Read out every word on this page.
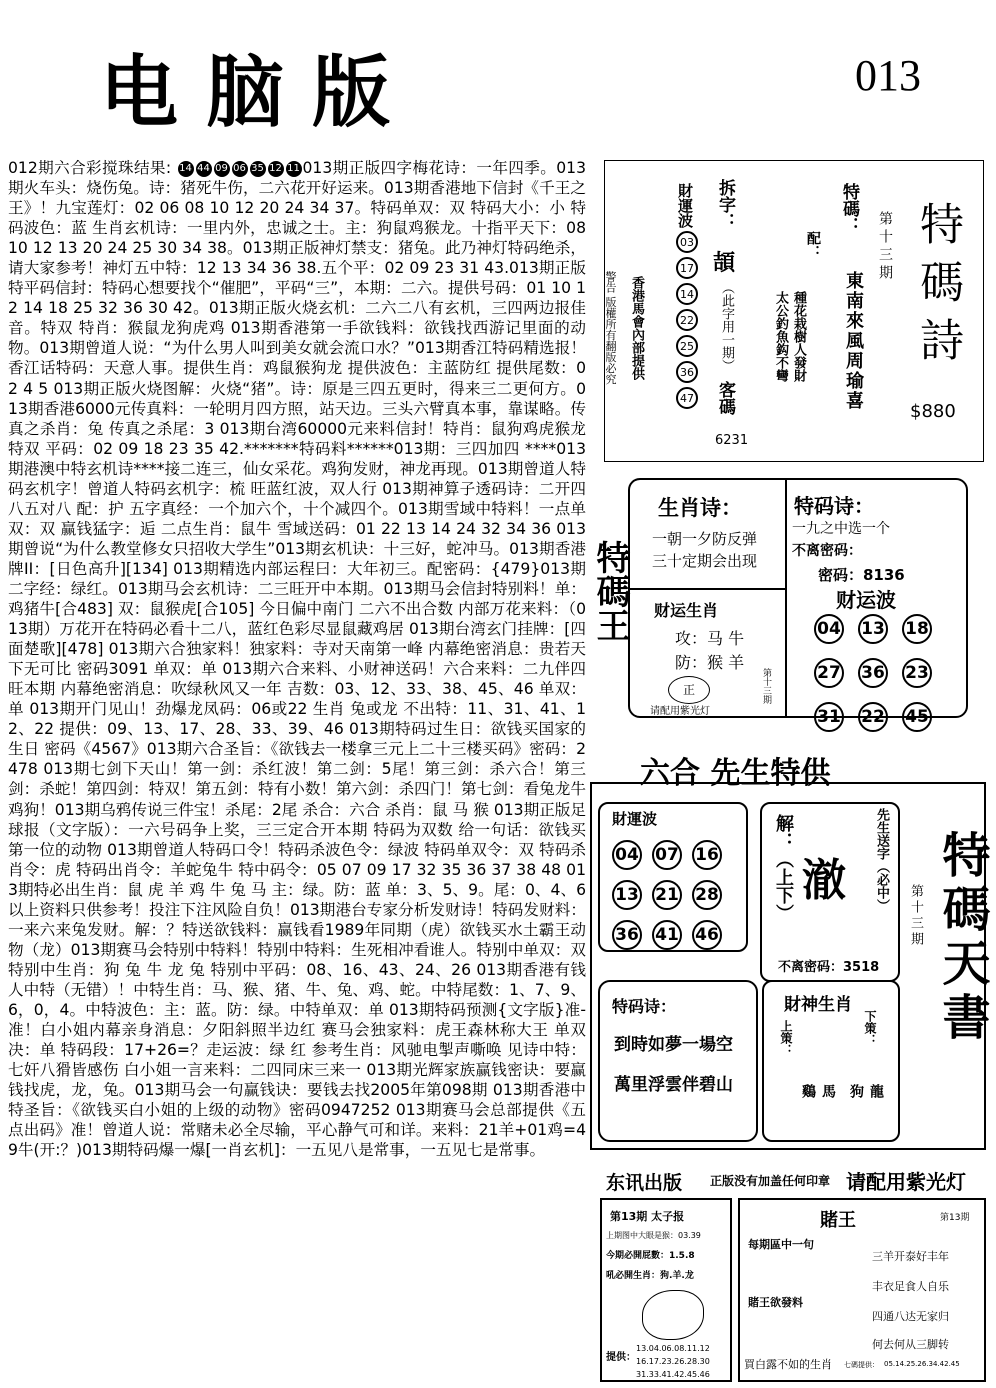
电脑版	013

012期六合彩搅珠结果: 14 44 09 06 35 12 11 013期正版四字梅花诗：一年四季。013期火车头：烧伤兔。诗：猪死牛伤，二六花开好运来。013期香港地下信封《千王之王》！九宝莲灯：02 06 08 10 12 20 24 34 37。特码单双：双 特码大小：小 特码波色：蓝 生肖玄机诗：一里内外，忠诚之士。主：狗鼠鸡猴龙。十指平天下：08 10 12 13 20 24 25 30 34 38。013期正版神灯禁支：猪兔。此乃神灯特码绝杀，请大家参考！神灯五中特：12 13 34 36 38.五个平：02 09 23 31 43.013期正版特平码信封：特码心想要找个“催肥”，平码“三”，本期：二六。提供号码：01 10 12 14 18 25 32 36 30 42。013期正版火烧玄机：二六二八有玄机，三四两边报佳音。特双 特肖：猴鼠龙狗虎鸡 013期香港第一手欲钱料：欲钱找西游记里面的动物。013期曾道人说：“为什么男人叫到美女就会流口水？”013期香江特码精选报！香江话特码：天意人事。提供生肖：鸡鼠猴狗龙 提供波色：主蓝防红 提供尾数：0 2 4 5 013期正版火烧图解：火烧“猪”。诗：原是三四五更时，得来三二更何方。013期香港6000元传真料：一轮明月四方照，站天边。三头六臂真本事，靠谋略。传真之杀肖：兔 传真之杀尾：3 013期台湾60000元来料信封！特肖：鼠狗鸡虎猴龙 特双 平码：02 09 18 23 35 42.*******特码料******013期：三四加四 ****013期港澳中特玄机诗****接二连三，仙女采花。鸡狗发财，神龙再现。013期曾道人特码玄机字！曾道人特码玄机字：梳 旺蓝红波，双人行 013期神算子透码诗：二开四八五对八 配：护 五字真经：一个加六个，十个减四个。013期雪域中特料！一点单双：双 赢钱猛字：逅 二点生肖：鼠牛 雪域送码：01 22 13 14 24 32 34 36 013期曾说“为什么教堂修女只招收大学生”013期玄机诀：十三好，蛇冲马。013期香港牌II：[日色高升][134] 013期精选内部运程曰：大年初三。配密码：{479}013期二字经：绿红。013期马会玄机诗：二三旺开中本期。013期马会信封特别料！单：鸡猪牛[合483] 双：鼠猴虎[合105] 今日偏中南门 二六不出合数 内部万花来料：（013期）万花开在特码必看十二八，蓝红色彩尽显鼠藏鸡居 013期台湾玄门挂牌：[四面楚歌][478] 013期六合独家料！独家料：寺对天南第一峰 内幕绝密消息：贵若天下无可比 密码3091 单双：单 013期六合来料、小财神送码！六合来料：二九伴四旺本期 内幕绝密消息：吹绿秋风又一年 吉数：03、12、33、38、45、46 单双：单 013期开门见山！劲爆龙凤码：06或22 生肖 兔或龙 不出特：11、31、41、12、22 提供：09、13、17、28、33、39、46 013期特码过生日：欲钱买国家的生日 密码《4567》013期六合圣旨：《欲钱去一楼拿三元上二十三楼买码》密码：2478 013期七剑下天山！第一剑：杀红波！第二剑：5尾！第三剑：杀六合！第三剑：杀蛇！第四剑：特双！第五剑：特有小数！第六剑：杀四门！第七剑：看兔龙牛鸡狗！013期乌鸦传说三件宝！杀尾：2尾 杀合：六合 杀肖：鼠 马 猴 013期正版足球报（文字版）：一六号码争上奖，三三定合开本期 特码为双数 给一句话：欲钱买第一位的动物 013期曾道人特码口令！特码杀波色令：绿波 特码单双令：双 特码杀肖令：虎 特码出肖令：羊蛇兔牛 特中码令：05 07 09 17 32 35 36 37 38 48 013期特必出生肖：鼠 虎 羊 鸡 牛 兔 马 主：绿。防：蓝 单：3、5、9。尾：0、4、6 以上资料只供参考！投注下注风险自负！013期港台专家分析发财诗！特码发财料：一来六来兔发财。解：？特送欲钱料：赢钱看1989年同期（虎）欲钱买水土霸王动物（龙）013期赛马会特别中特料！特别中特料：生死相冲看谁人。特别中单双：双 特别中生肖：狗 兔 牛 龙 兔 特别中平码：08、16、43、24、26 013期香港有钱人中特（无错）！中特生肖：马、猴、猪、牛、兔、鸡、蛇。中特尾数：1、7、9、6，0，4。中特波色：主：蓝。防：绿。中特单双：单 013期特码预测{文字版}准-准！白小姐内幕亲身消息：夕阳斜照半边红 赛马会独家料：虎王森林称大王 单双决：单 特码段：17+26=？走运波：绿 红 参考生肖：风驰电掣声嘶唤 见诗中特：七奸八猾皆感伤 白小姐一言来料：二四同床三来一 013期光辉家族赢钱密诀：要赢钱找虎，龙，兔。013期马会一句赢钱诀：要钱去找2005年第098期 013期香港中特圣旨：《欲钱买白小姐的上级的动物》密码0947252 013期赛马会总部提供《五点出码》准！曾道人说：常赌未必全尽输，平心静气可和详。来料：21羊+01鸡=49牛(开:？)013期特码爆一爆[一肖玄机]：一五见八是常事，一五见七是常事。

警告 版權所有翻版必究 香港馬會內部提供
財運波
03171422253647
拆字：
頡
（此字用一期）
客碼
6231
特碼：
東南來風周瑜喜
配：
種花栽樹人發財
太公釣魚鈎不彎	特碼詩
第十三期
$880
特碼王
生肖诗：
一朝一夕防反弹
三十定期会出现
财运生肖
攻：马 牛
防：猴 羊
正	第十三期
请配用紫光灯
特码诗：
一九之中选一个
不离密码：
密码：8136
财运波
04 13 18
27 36 23
31 22 45
六合 先生特供
財運波
04 07 16
13 21 28
36 41 46
解：（上下） 澈 先生送字（必中）
不离密码：3518
第十三期 特碼天書
特码诗：
到時如夢一場空
萬里浮雲伴碧山
財神生肖
上策：	下策：
馬 鷄	龍 狗
东讯出版 正版没有加盖任何印章 请配用紫光灯
第13期 太子报
上期图中大眼是猴：03.39
今期必開屁數：1.5.8
吼必開生肖：狗.羊.龙
提供：
13.04.06.08.11.12 16.17.23.26.28.30 31.33.41.42.45.46
賭王	第13期
每期區中一句
賭王欲發料
三羊开泰好丰年
丰衣足食人自乐
四通八达无家归
何去何从三脚转
買白露不如的生肖 七碼提供： 05.14.25.26.34.42.45
